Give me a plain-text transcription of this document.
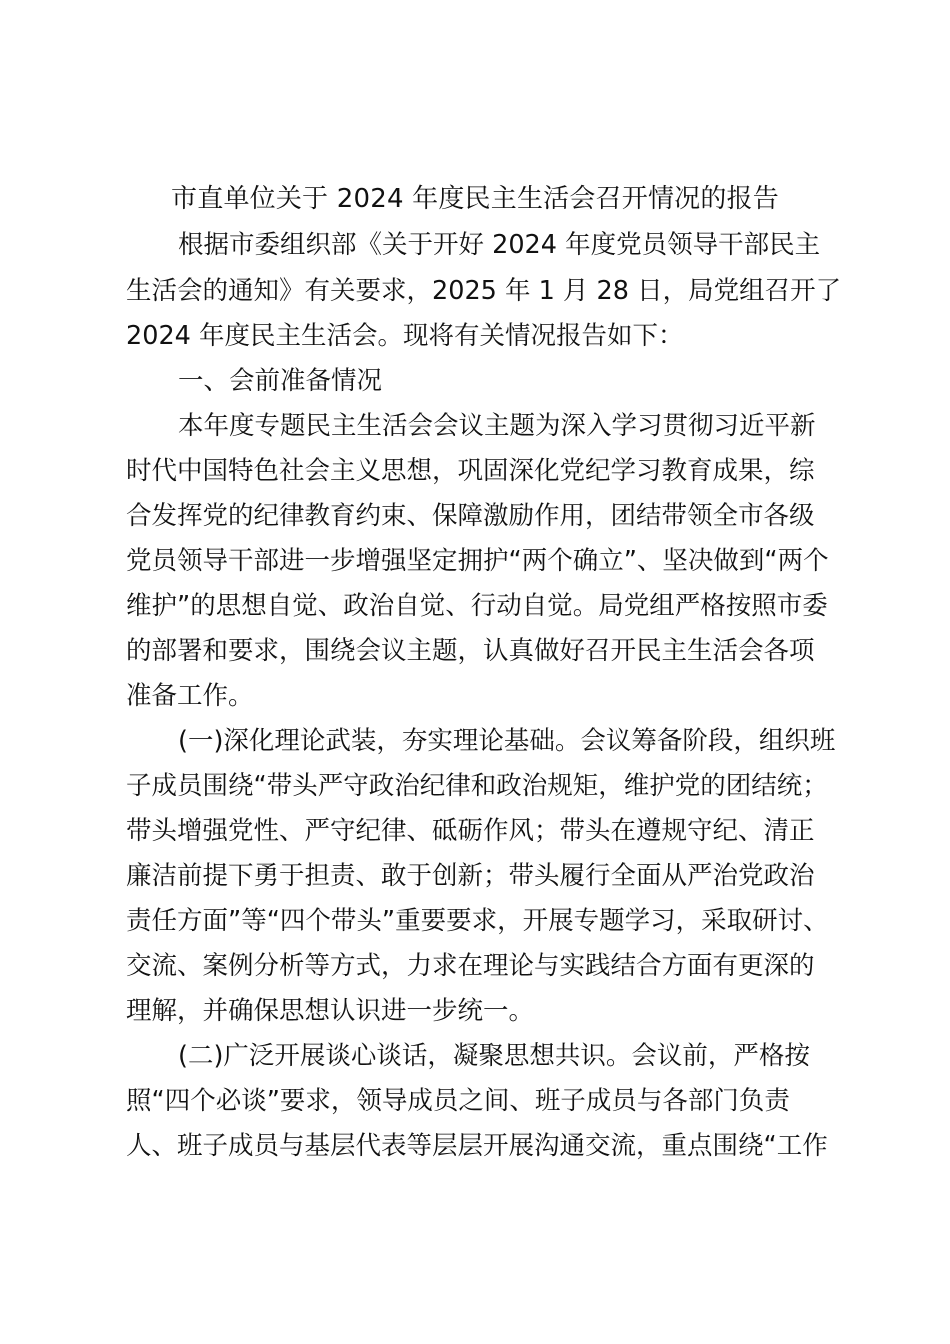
市直单位关于 2024 年度民主生活会召开情况的报告

根据市委组织部《关于开好 2024 年度党员领导干部民主

生活会的通知》有关要求，2025 年 1 月 28 日，局党组召开了

2024 年度民主生活会。现将有关情况报告如下：

一、会前准备情况

本年度专题民主生活会会议主题为深入学习贯彻习近平新

时代中国特色社会主义思想，巩固深化党纪学习教育成果，综

合发挥党的纪律教育约束、保障激励作用，团结带领全市各级

党员领导干部进一步增强坚定拥护“两个确立”、坚决做到“两个

维护”的思想自觉、政治自觉、行动自觉。局党组严格按照市委

的部署和要求，围绕会议主题，认真做好召开民主生活会各项

准备工作。

(一)深化理论武装，夯实理论基础。会议筹备阶段，组织班

子成员围绕“带头严守政治纪律和政治规矩，维护党的团结统；

带头增强党性、严守纪律、砥砺作风；带头在遵规守纪、清正

廉洁前提下勇于担责、敢于创新；带头履行全面从严治党政治

责任方面”等“四个带头”重要要求，开展专题学习，采取研讨、

交流、案例分析等方式，力求在理论与实践结合方面有更深的

理解，并确保思想认识进一步统一。

(二)广泛开展谈心谈话，凝聚思想共识。会议前，严格按

照“四个必谈”要求，领导成员之间、班子成员与各部门负责

人、班子成员与基层代表等层层开展沟通交流，重点围绕“工作
